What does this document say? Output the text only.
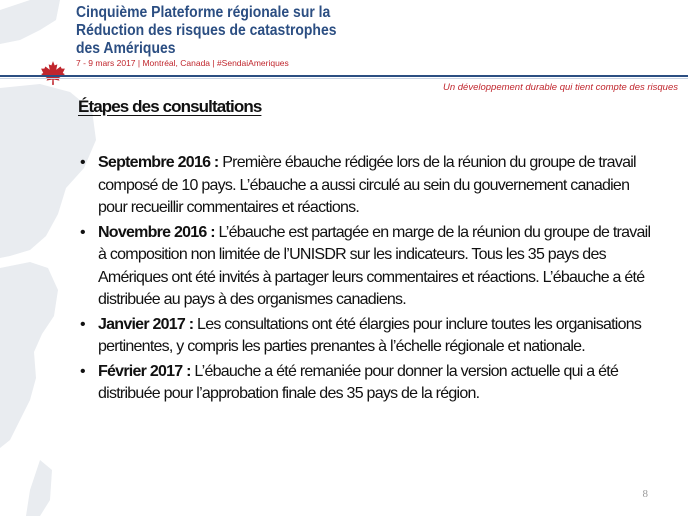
Cinquième Plateforme régionale sur la
Réduction des risques de catastrophes
des Amériques
7 - 9 mars 2017 | Montréal, Canada | #SendaiAmeriques
Un développement durable qui tient compte des risques
Étapes des consultations
• Septembre 2016 : Première ébauche rédigée lors de la réunion du groupe de travail composé de 10 pays. L’ébauche a aussi circulé au sein du gouvernement canadien pour recueillir commentaires et réactions.
• Novembre 2016 : L’ébauche est partagée en marge de la réunion du groupe de travail à composition non limitée de l’UNISDR sur les indicateurs. Tous les 35 pays des Amériques ont été invités à partager leurs commentaires et réactions. L’ébauche a été distribuée au pays à des organismes canadiens.
• Janvier 2017 : Les consultations ont été élargies pour inclure toutes les organisations pertinentes, y compris les parties prenantes à l’échelle régionale et nationale.
• Février 2017 : L’ébauche a été remaniée pour donner la version actuelle qui a été distribuée pour l’approbation finale des 35 pays de la région.
8
